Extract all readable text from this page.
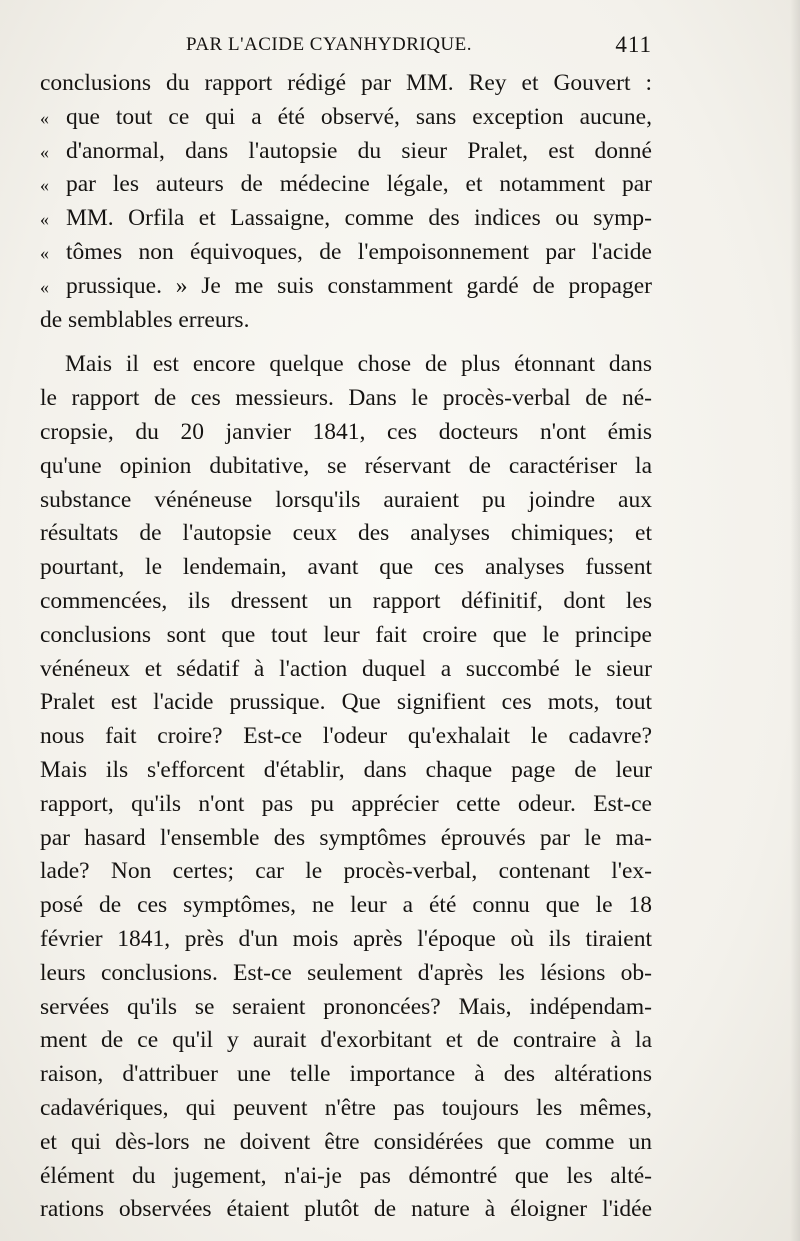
PAR L'ACIDE CYANHYDRIQUE.	411
conclusions du rapport rédigé par MM. Rey et Gouvert :
« que tout ce qui a été observé, sans exception aucune,
« d'anormal, dans l'autopsie du sieur Pralet, est donné
« par les auteurs de médecine légale, et notamment par
« MM. Orfila et Lassaigne, comme des indices ou symp-
« tômes non équivoques, de l'empoisonnement par l'acide
« prussique. » Je me suis constamment gardé de propager
de semblables erreurs.
Mais il est encore quelque chose de plus étonnant dans
le rapport de ces messieurs. Dans le procès-verbal de né-
cropsie, du 20 janvier 1841, ces docteurs n'ont émis
qu'une opinion dubitative, se réservant de caractériser la
substance vénéneuse lorsqu'ils auraient pu joindre aux
résultats de l'autopsie ceux des analyses chimiques; et
pourtant, le lendemain, avant que ces analyses fussent
commencées, ils dressent un rapport définitif, dont les
conclusions sont que tout leur fait croire que le principe
vénéneux et sédatif à l'action duquel a succombé le sieur
Pralet est l'acide prussique. Que signifient ces mots, tout
nous fait croire? Est-ce l'odeur qu'exhalait le cadavre?
Mais ils s'efforcent d'établir, dans chaque page de leur
rapport, qu'ils n'ont pas pu apprécier cette odeur. Est-ce
par hasard l'ensemble des symptômes éprouvés par le ma-
lade? Non certes; car le procès-verbal, contenant l'ex-
posé de ces symptômes, ne leur a été connu que le 18
février 1841, près d'un mois après l'époque où ils tiraient
leurs conclusions. Est-ce seulement d'après les lésions ob-
servées qu'ils se seraient prononcées? Mais, indépendam-
ment de ce qu'il y aurait d'exorbitant et de contraire à la
raison, d'attribuer une telle importance à des altérations
cadavériques, qui peuvent n'être pas toujours les mêmes,
et qui dès-lors ne doivent être considérées que comme un
élément du jugement, n'ai-je pas démontré que les alté-
rations observées étaient plutôt de nature à éloigner l'idée
